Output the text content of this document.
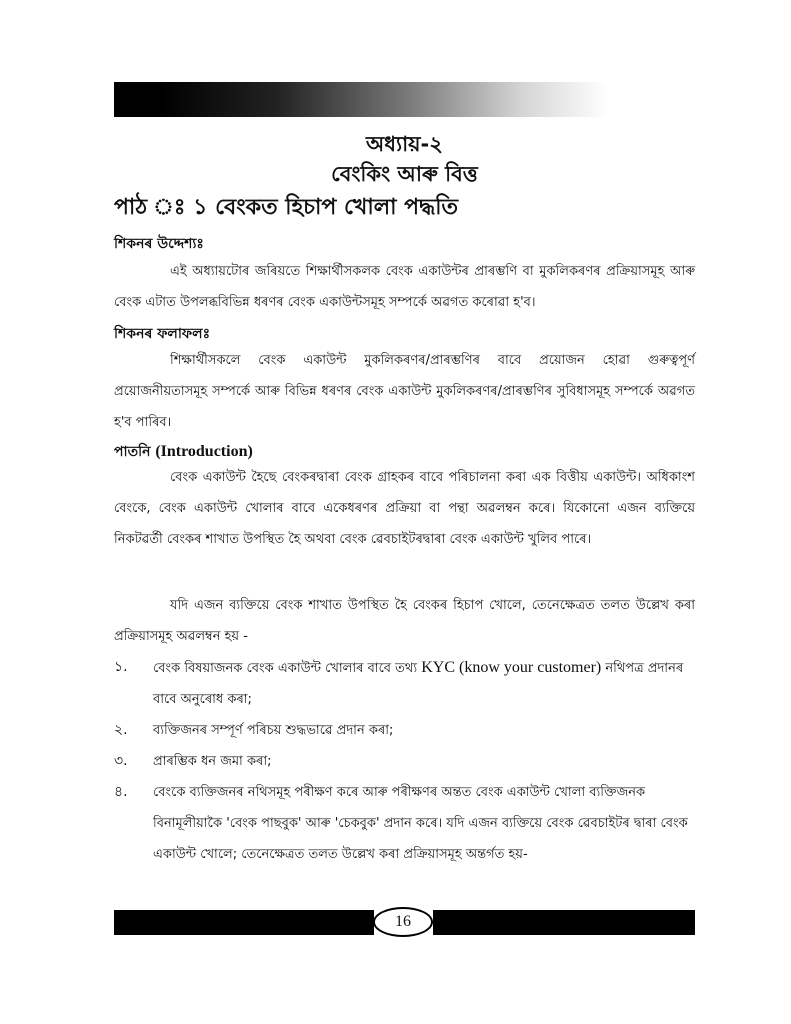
অধ্যায়-২
বেংকিং আৰু বিত্ত
পাঠ ঃ ১ বেংকত হিচাপ খোলা পদ্ধতি
শিকনৰ উদ্দেশ্যঃ

এই অধ্যায়টোৰ জৰিয়তে শিক্ষাৰ্থীসকলক বেংক একাউন্টৰ প্ৰাৰম্ভণি বা মুকলিকৰণৰ প্ৰক্ৰিয়াসমূহ আৰু বেংক এটাত উপলব্ধবিভিন্ন ধৰণৰ বেংক একাউন্টসমূহ সম্পৰ্কে অৱগত কৰোৱা হ'ব।

শিকনৰ ফলাফলঃ

শিক্ষাৰ্থীসকলে বেংক একাউন্ট মুকলিকৰণৰ/প্ৰাৰম্ভণিৰ বাবে প্ৰয়োজন হোৱা গুৰুত্বপূৰ্ণ প্ৰয়োজনীয়তাসমূহ সম্পৰ্কে আৰু বিভিন্ন ধৰণৰ বেংক একাউন্ট মুকলিকৰণৰ/প্ৰাৰম্ভণিৰ সুবিধাসমূহ সম্পৰ্কে অৱগত হ'ব পাৰিব।

পাতনি (Introduction)

বেংক একাউন্ট হৈছে বেংকৰদ্বাৰা বেংক গ্ৰাহকৰ বাবে পৰিচালনা কৰা এক বিত্তীয় একাউন্ট। অধিকাংশ বেংকে, বেংক একাউন্ট খোলাৰ বাবে একেধৰণৰ প্ৰক্ৰিয়া বা পন্থা অৱলম্বন কৰে। যিকোনো এজন ব্যক্তিয়ে নিকটৱৰ্তী বেংকৰ শাখাত উপস্থিত হৈ অথবা বেংক ৱেবচাইটৰদ্বাৰা বেংক একাউন্ট খুলিব পাৰে।

যদি এজন ব্যক্তিয়ে বেংক শাখাত উপস্থিত হৈ বেংকৰ হিচাপ খোলে, তেনেক্ষেত্ৰত তলত উল্লেখ কৰা প্ৰক্ৰিয়াসমূহ অৱলম্বন হয় -

১. বেংক বিষয়াজনক বেংক একাউন্ট খোলাৰ বাবে তথ্য KYC (know your customer) নথিপত্ৰ প্ৰদানৰ বাবে অনুৰোধ কৰা;
২. ব্যক্তিজনৰ সম্পূৰ্ণ পৰিচয় শুদ্ধভাৱে প্ৰদান কৰা;
৩. প্ৰাৰম্ভিক ধন জমা কৰা;
৪. বেংকে ব্যক্তিজনৰ নথিসমূহ পৰীক্ষণ কৰে আৰু পৰীক্ষণৰ অন্তত বেংক একাউন্ট খোলা ব্যক্তিজনক বিনামূলীয়াকৈ 'বেংক পাছবুক' আৰু 'চেকবুক' প্ৰদান কৰে। যদি এজন ব্যক্তিয়ে বেংক ৱেবচাইটৰ দ্বাৰা বেংক একাউন্ট খোলে; তেনেক্ষেত্ৰত তলত উল্লেখ কৰা প্ৰক্ৰিয়াসমূহ অন্তৰ্গত হয়-
16
